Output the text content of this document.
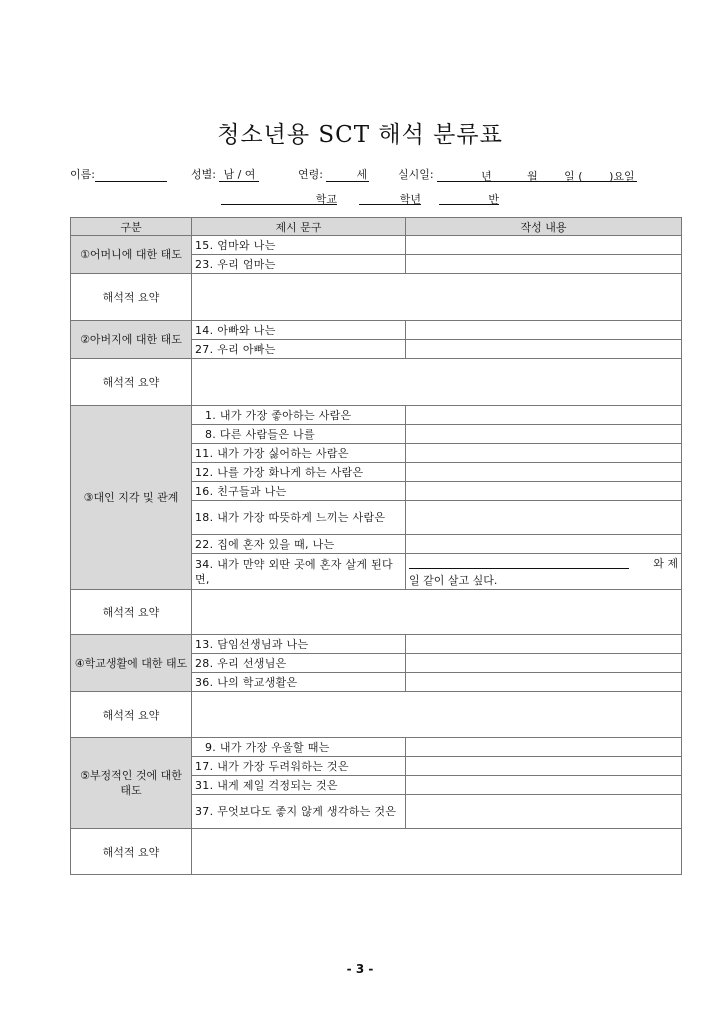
청소년용 SCT 해석 분류표
이름:	성별: 남 / 여	연령:	세	실시일:	년	월 일 ( )요일
학교	학년	반
구분	제시 문구	작성 내용
①어머니에 대한 태도	15. 엄마와 나는	
	23. 우리 엄마는	
해석적 요약		
②아버지에 대한 태도	14. 아빠와 나는	
	27. 우리 아빠는	
해석적 요약		
③대인 지각 및 관계	1. 내가 가장 좋아하는 사람은	
	8. 다른 사람들은 나를	
	11. 내가 가장 싫어하는 사람은	
	12. 나를 가장 화나게 하는 사람은	
	16. 친구들과 나는	
	18. 내가 가장 따뜻하게 느끼는 사람은	
	22. 집에 혼자 있을 때, 나는	
	34. 내가 만약 외딴 곳에 혼자 살게 된다면,	와 제
일 같이 살고 싶다.

해석적 요약		
④학교생활에 대한 태도	13. 담임선생님과 나는	
	28. 우리 선생님은	
	36. 나의 학교생활은	
해석적 요약		
⑤부정적인 것에 대한 태도	9. 내가 가장 우울할 때는	
	17. 내가 가장 두려워하는 것은	
	31. 내게 제일 걱정되는 것은	
	37. 무엇보다도 좋지 않게 생각하는 것은	
해석적 요약		
- 3 -
